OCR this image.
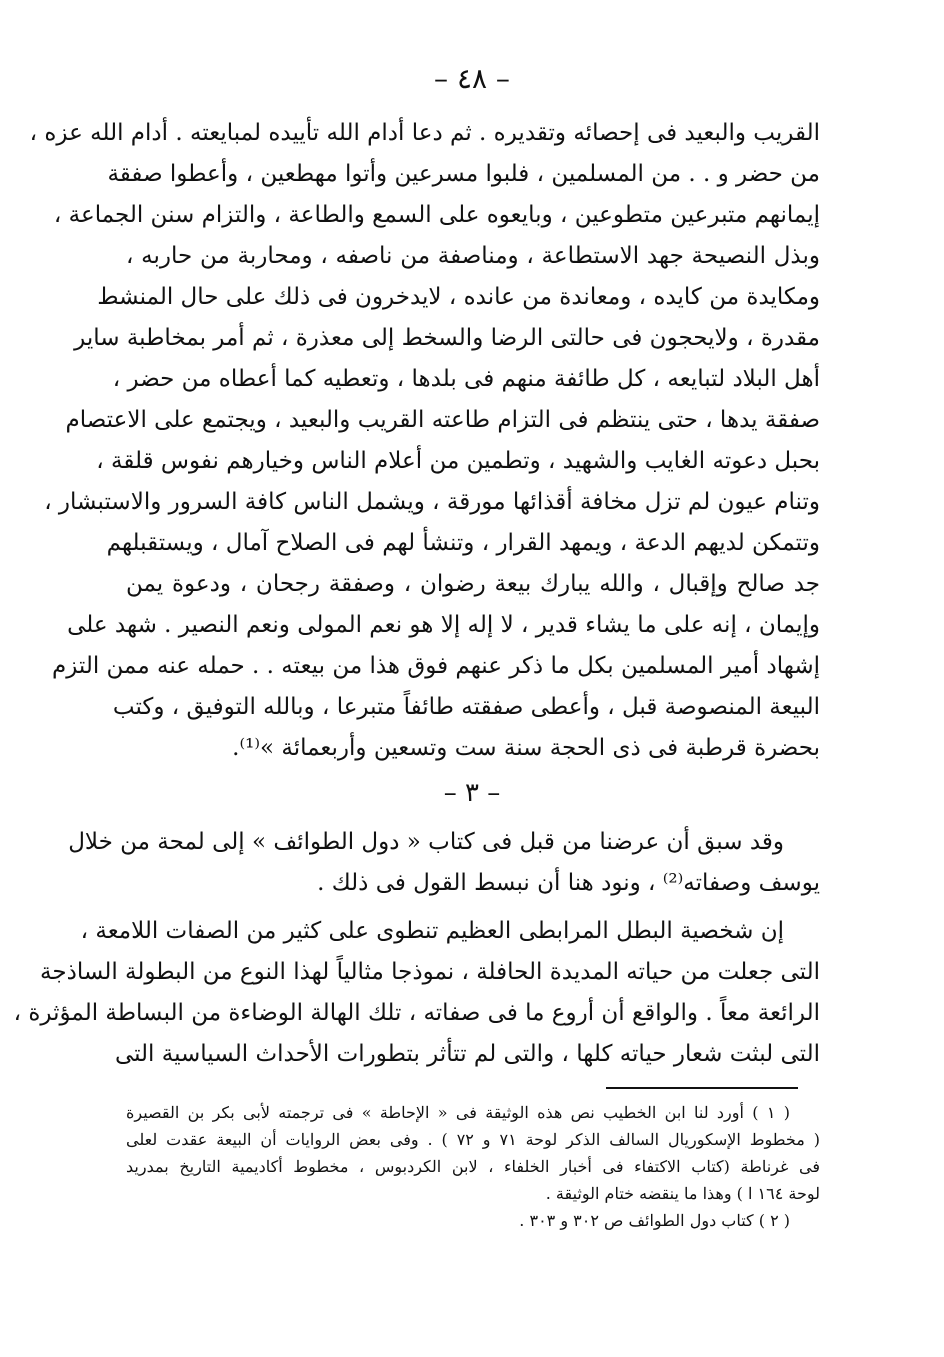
– ٤٨ –
القريب والبعيد فى إحصائه وتقديره . ثم دعا أدام الله تأييده لمبايعته . أدام الله عزه ،
من حضر و . . من المسلمين ، فلبوا مسرعين وأتوا مهطعين ، وأعطوا صفقة
إيمانهم متبرعين متطوعين ، وبايعوه على السمع والطاعة ، والتزام سنن الجماعة ،
وبذل النصيحة جهد الاستطاعة ، ومناصفة من ناصفه ، ومحاربة من حاربه ،
ومكايدة من كايده ، ومعاندة من عانده ، لايدخرون فى ذلك على حال المنشط
مقدرة ، ولايحجون فى حالتى الرضا والسخط إلى معذرة ، ثم أمر بمخاطبة ساير
أهل البلاد لتبايعه ، كل طائفة منهم فى بلدها ، وتعطيه كما أعطاه من حضر ،
صفقة يدها ، حتى ينتظم فى التزام طاعته القريب والبعيد ، ويجتمع على الاعتصام
بحبل دعوته الغايب والشهيد ، وتطمين من أعلام الناس وخيارهم نفوس قلقة ،
وتنام عيون لم تزل مخافة أقذائها مورقة ، ويشمل الناس كافة السرور والاستبشار ،
وتتمكن لديهم الدعة ، ويمهد القرار ، وتنشأ لهم فى الصلاح آمال ، ويستقبلهم
جد صالح وإقبال ، والله يبارك بيعة رضوان ، وصفقة رجحان ، ودعوة يمن
وإيمان ، إنه على ما يشاء قدير ، لا إله إلا هو نعم المولى ونعم النصير . شهد على
إشهاد أمير المسلمين بكل ما ذكر عنهم فوق هذا من بيعته . . حمله عنه ممن التزم
البيعة المنصوصة قبل ، وأعطى صفقته طائفاً متبرعا ، وبالله التوفيق ، وكتب
بحضرة قرطبة فى ذى الحجة سنة ست وتسعين وأربعمائة »⁽¹⁾.
– ٣ –
وقد سبق أن عرضنا من قبل فى كتاب « دول الطوائف » إلى لمحة من خلال
يوسف وصفاته⁽²⁾ ، ونود هنا أن نبسط القول فى ذلك .
إن شخصية البطل المرابطى العظيم تنطوى على كثير من الصفات اللامعة ،
التى جعلت من حياته المديدة الحافلة ، نموذجا مثالياً لهذا النوع من البطولة الساذجة
الرائعة معاً . والواقع أن أروع ما فى صفاته ، تلك الهالة الوضاءة من البساطة المؤثرة ،
التى لبثت شعار حياته كلها ، والتى لم تتأثر بتطورات الأحداث السياسية التى
( ١ ) أورد لنا ابن الخطيب نص هذه الوثيقة فى « الإحاطة » فى ترجمته لأبى بكر بن القصيرة
( مخطوط الإسكوريال السالف الذكر لوحة ٧١ و ٧٢ ) . وفى بعض الروايات أن البيعة عقدت لعلى
فى غرناطة (كتاب الاكتفاء فى أخبار الخلفاء ، لابن الكردبوس ، مخطوط أكاديمية التاريخ بمدريد
لوحة ١٦٤ ا ) وهذا ما ينقضه ختام الوثيقة .
( ٢ ) كتاب دول الطوائف ص ٣٠٢ و ٣٠٣ .
